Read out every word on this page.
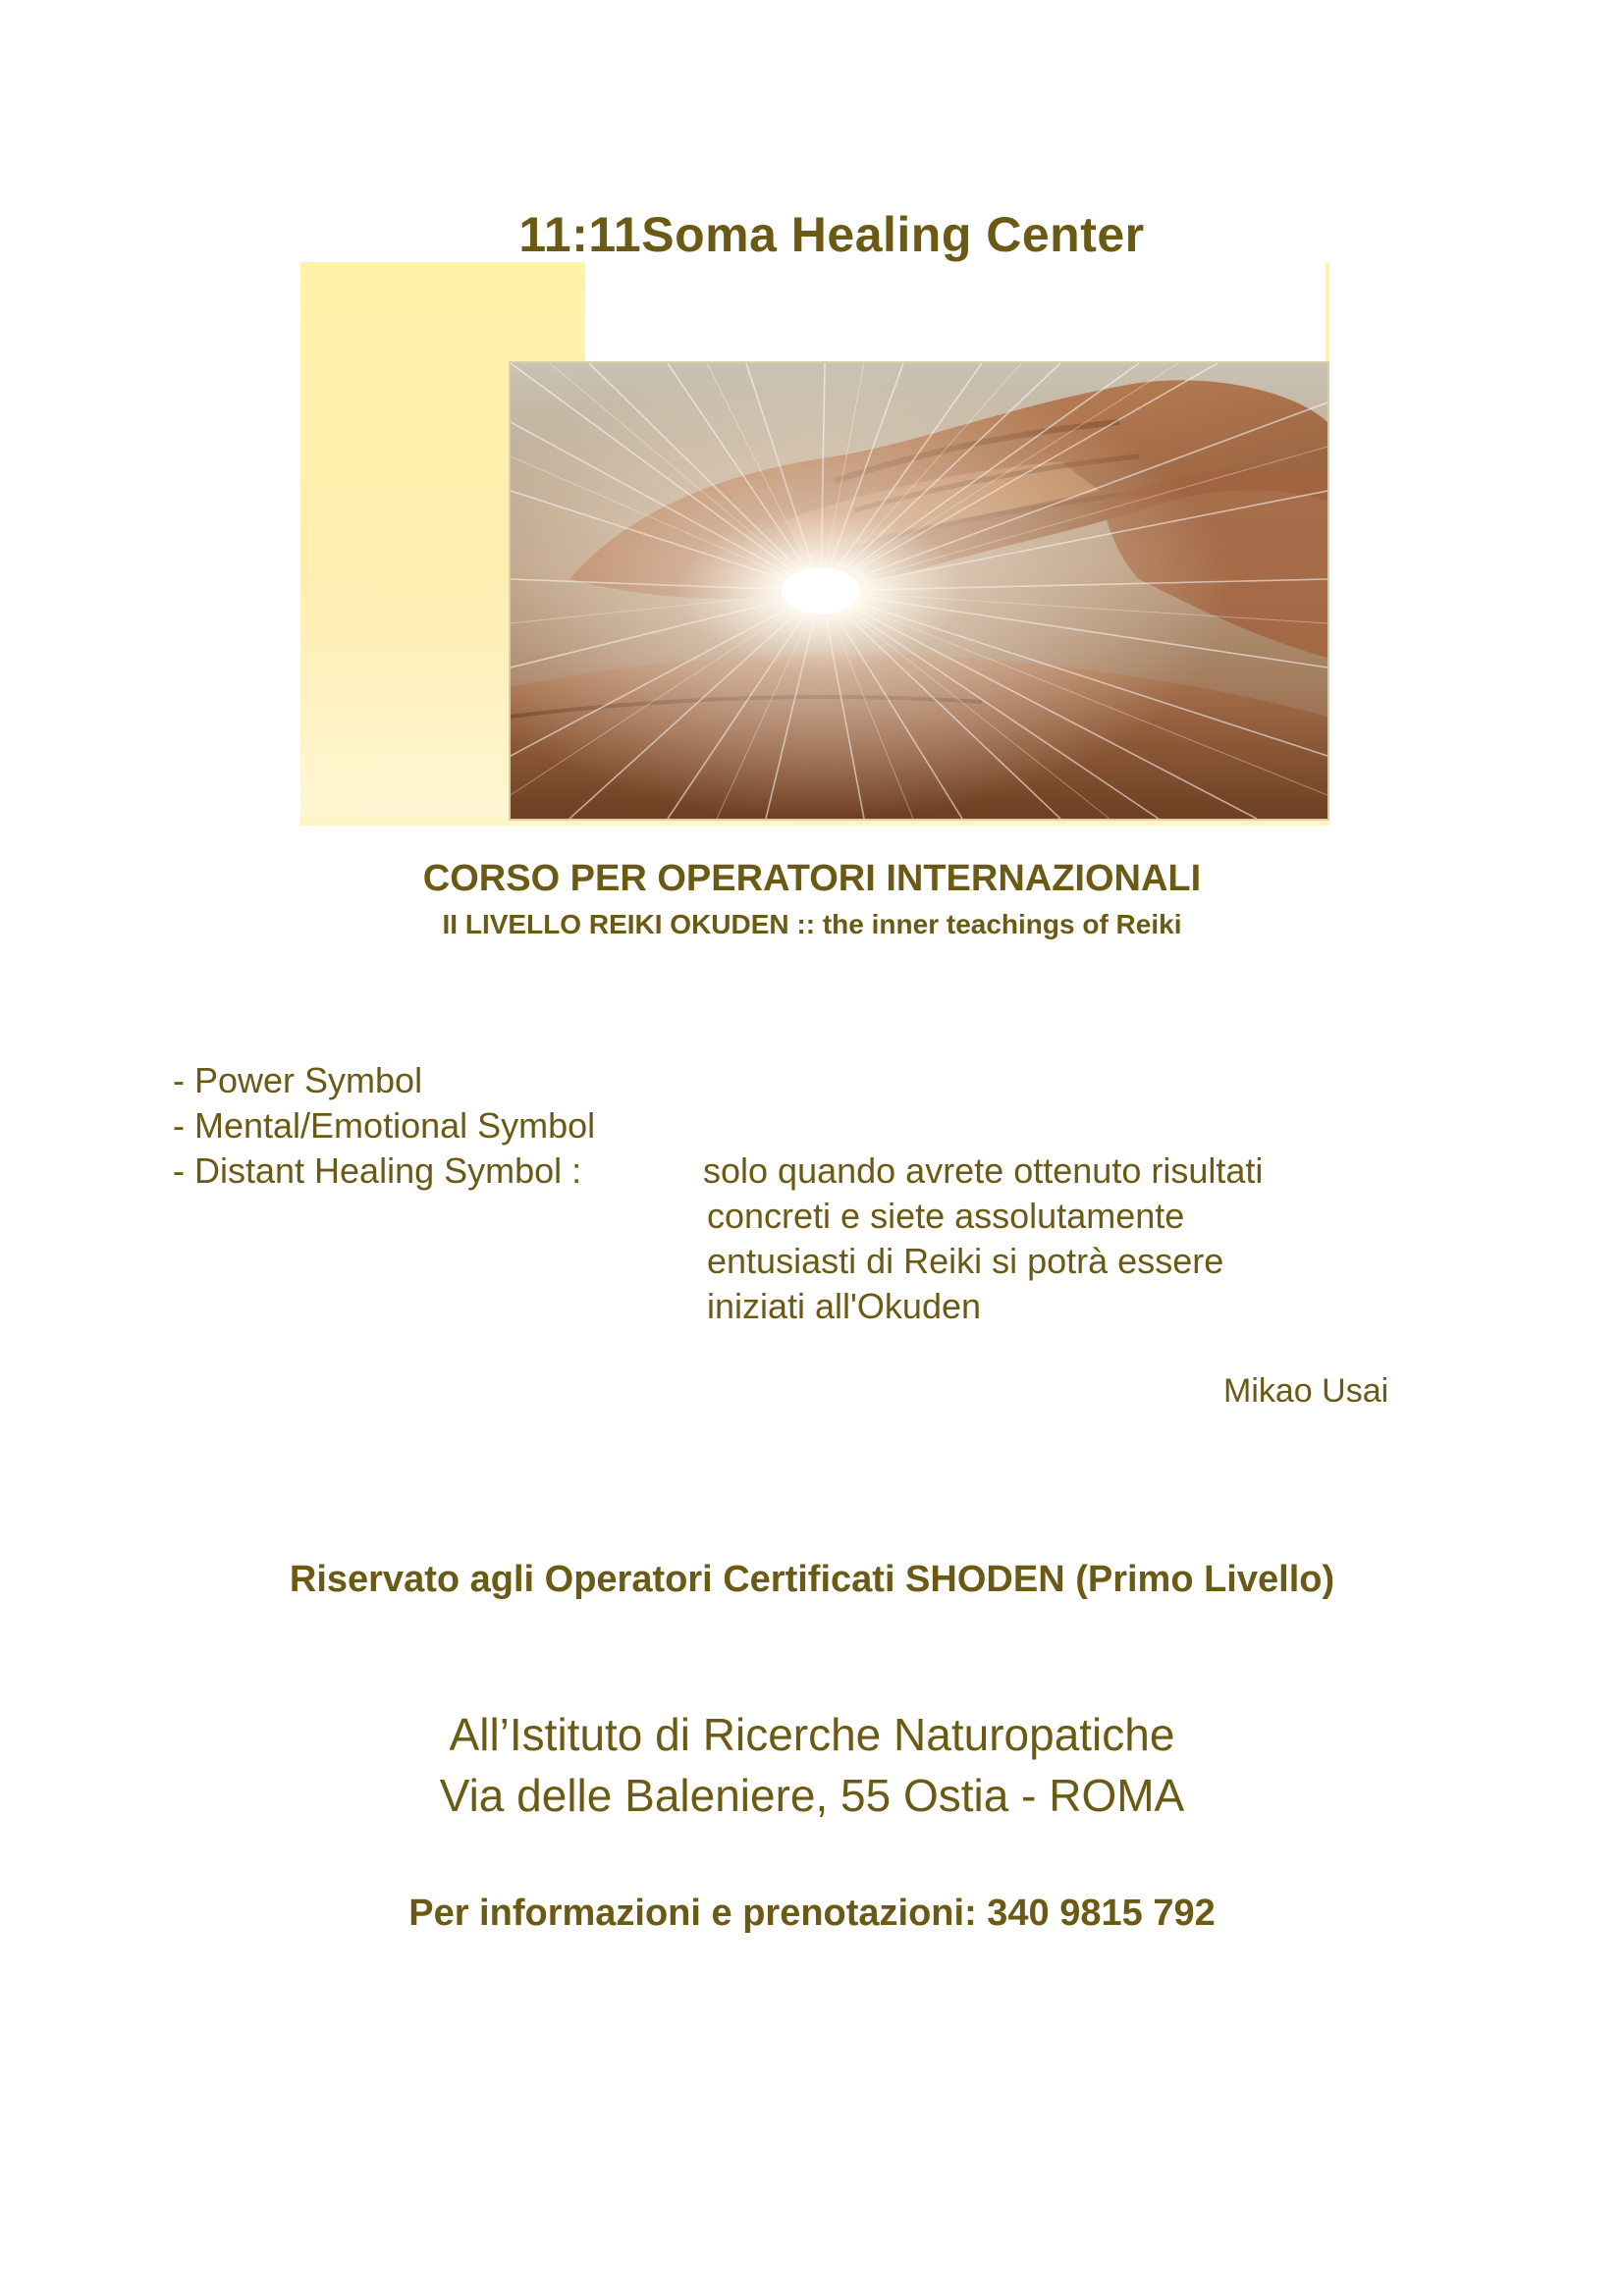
11:11Soma Healing Center
CORSO PER OPERATORI INTERNAZIONALI
II LIVELLO REIKI OKUDEN :: the inner teachings of Reiki
- Power Symbol
- Mental/Emotional Symbol
- Distant Healing Symbol :	solo quando avrete ottenuto risultati
concreti e siete assolutamente
entusiasti di Reiki si potrà essere
iniziati all'Okuden
Mikao Usai
Riservato agli Operatori Certificati SHODEN (Primo Livello)
All’Istituto di Ricerche Naturopatiche
Via delle Baleniere, 55 Ostia - ROMA
Per informazioni e prenotazioni: 340 9815 792
